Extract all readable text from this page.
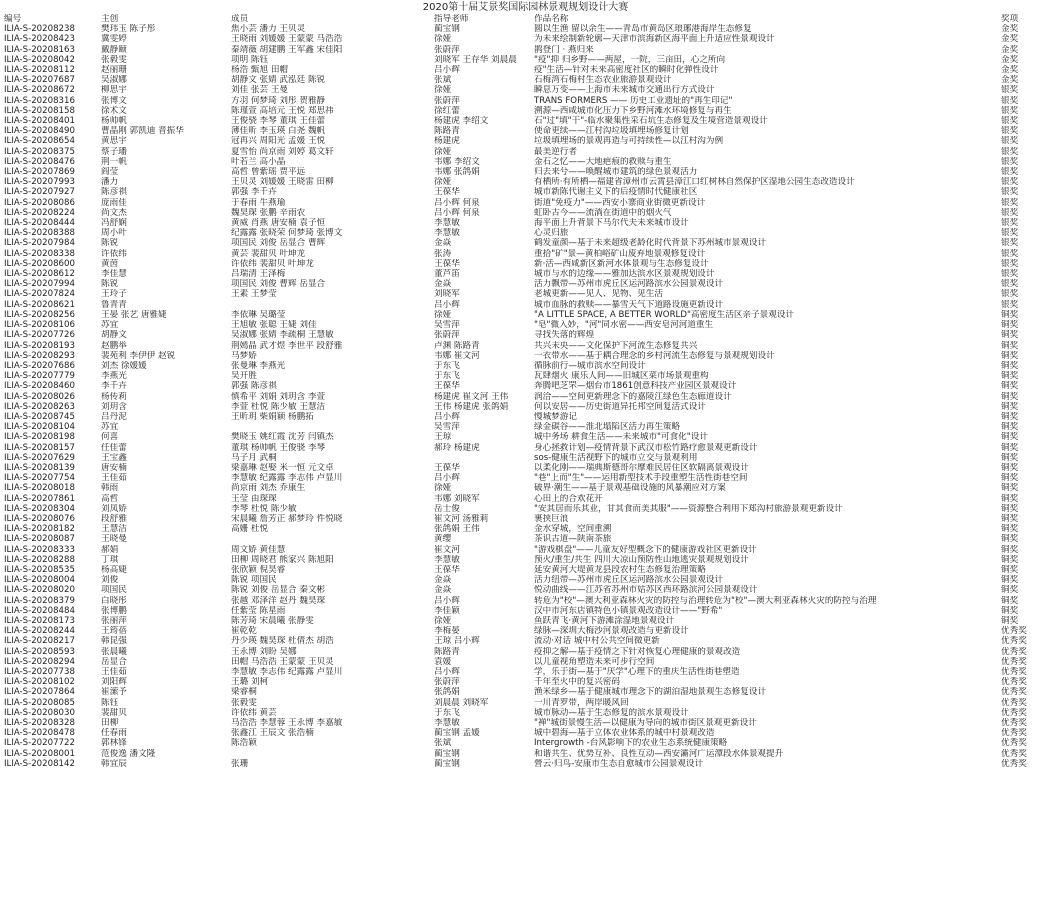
2020第十届艾景奖国际园林景观规划设计大赛
编号	主创	成员	指导老师	作品名称	奖项
ILIA-S-20208238	樊玮玉 陈子彤	焦小芸 潘力 王贝灵	蔺宝钢	圆以生渔 留以余生——青岛市黄岛区琅琊港海岸生态修复	金奖
ILIA-S-20208423	冀雯婷	王晓雨 刘媛媛 王蒙蒙 马浩浩	徐娅	为未来绘制新轮廓—天津市滨海新区海平面上升适应性景观设计	金奖
ILIA-S-20208163	戴静颐	秦靖薇 胡建鹏 王军鑫 宋佳阳	张蔚萍	鹊登门 · 燕归来	金奖
ILIA-S-20208042	张毅雯	项明 陈钰	刘晓军 王存华 刘晨晨	"疫"抑 归乡野——两屋，一院，三亩田，心之所向	金奖
ILIA-S-20208112	赵丽珊	杨浩 甄旭 田帽	吕小辉	疫"生活—针对未来高密度社区的瞬时化弹性设计	金奖
ILIA-S-20207687	吴淑娜	胡静文 张婧 武泓廷 陈锐	张斌	石梅湾石梅村生态农业旅游景观设计	金奖
ILIA-S-20208672	柳思宇	刘佳 张芸 王曼	徐娅	瞬息万变——上海市未来城市交通出行方式设计	银奖
ILIA-S-20208316	张博文	方羽 何梦琦 刘彤 贺雅静	张蔚萍	TRANS FORMERS —— 历史工业遗址的"再生印记"	银奖
ILIA-S-20208158	徐术文	陈瑾萱 高培元 王悦 郑思祎	徐红蕾	溯源—西咸城市化压力下乡野河滩水环境修复与再生	银奖
ILIA-S-20208401	杨帅帆	王俊骁 李琴 董琪 王佳蕾	杨建虎 李绍文	石"过"填"干"-临水聚集性采石坑生态修复及生境营造景观设计	银奖
ILIA-S-20208490	曹晶刚 郭凯迪 晋振华	薄佳昕 李玉瑛 白尧 魏帆	陈路青	使命更续——江村沟垃圾填埋场修复计划	银奖
ILIA-S-20208654	黄思宇	冠再兴 周阳光 孟媛 王悦	杨建虎	垃圾填埋场的景观再造与可持续性—以江村沟为例	银奖
ILIA-S-20208375	蔡子璠	夏雪怡 尚京雨 刘婷 葛文轩	徐娅	最美逆行者	银奖
ILIA-S-20208476	荆一帆	叶若兰 高小晶	韦娜 李绍文	金石之忆——大地疤痕的救赎与重生	银奖
ILIA-S-20207869	阎莹	高哲 曾紫瑶 贾平远	韦娜 张鸽娟	归去来兮——唤醒城市建筑的绿色景观活力	银奖
ILIA-S-20207993	潘力	王贝灵 刘媛媛 王晓雷 田柳	徐娅	有栖所·有所栖—福建省漳州市云霄县漳江口红树林自然保护区湿地公园生态改造设计	银奖
ILIA-S-20207927	陈彦祺	郭强 李千卉	王葆华	城市新陈代谢主义下的后疫情时代健康社区	银奖
ILIA-S-20208086	庞雨佳	于春雨 牛燕瑜	吕小辉 何泉	街道"免疫力"——西安小寨商业街微更新设计	银奖
ILIA-S-20208224	尚文杰	魏昊琛 张鹏 辛雨农	吕小辉 何泉	虹卧古今——流淌在街道中的烟火气	银奖
ILIA-S-20208444	冯舒娴	黄威 肖燕 唐安楠 袁子恒	李慧敏	海平面上升背景下马尔代夫未来城市设计	银奖
ILIA-S-20208388	周小叶	纪露露 张晓荣 何梦琦 张博文	李慧敏	心灵归旅	银奖
ILIA-S-20207984	陈锐	项国民 刘俊 岳显合 曹辉	金焱	鹤发童颜—基于未来超级老龄化时代背景下苏州城市景观设计	银奖
ILIA-S-20208338	许依纬	黄芸 裴甜贝 叶坤龙	张涛	重拾"矿"景—黄柏峪矿山废弃地景观修复设计	银奖
ILIA-S-20208600	黄茵	许依纬 裴甜贝 叶坤龙	王葆华	新·活—西咸新区新河水体景观与生态修复设计	银奖
ILIA-S-20208612	李佳慧	吕瑞清 王泽梅	董芦笛	城市与水的边缘——雅加达滨水区景观规划设计	银奖
ILIA-S-20207994	陈锐	项国民 刘俊 曹辉 岳显合	金焱	活力飘带—苏州市虎丘区运河路滨水公园景观设计	银奖
ILIA-S-20207824	王玲子	王素 王梦莹	刘晓军	老城更新——见人、见物、见生活	银奖
ILIA-S-20208621	鲁青青		吕小辉	城市血脉的救赎——暴雪天气下道路设施更新设计	银奖
ILIA-S-20208256	王晏 张艺 唐雅婕	李依琳 吴璐莹	徐娅	"A LITTLE SPACE, A BETTER WORLD"高密度生活区亲子景观设计	铜奖
ILIA-S-20208106	苏宜	王旭敏 张聪 王婕 刘佳	吴雪萍	"皂"微入妙，"河"同水密——西安皂河河道重生	铜奖
ILIA-S-20207726	胡静文	吴淑娜 张婧 李疏桐 王慧敏	张蔚萍	寻找失落的辉煌	铜奖
ILIA-S-20208193	赵鹏举	荆嫣晶 武才煜 李世平 段舒雅	卢渊 陈路青	共兴未央——文化保护下河流生态修复共兴	铜奖
ILIA-S-20208293	裴苑利 李伊伊 赵锐	马梦娇	韦娜 崔文河	一衣带水——基于耦合理念的乡村河流生态修复与景观规划设计	铜奖
ILIA-S-20207686	刘杰 徐媛媛	张曼琳 李燕光	于东飞	循脉前行—城市滨水空间设计	铜奖
ILIA-S-20207779	李燕光	吴开胜	于东飞	瓦肆烟火 康乐人间——旧城区菜市场景观重构	铜奖
ILIA-S-20208460	李千卉	郭强 陈彦祺	王葆华	奔腾吧芝罘—烟台市1861创意科技产业园区景观设计	铜奖
ILIA-S-20208026	杨传莉	慎希平 刘娟 刘玥含 李萱	杨建虎 崔文河 王伟	润洽——空间更新理念下的嘉陵江绿色生态廊道设计	铜奖
ILIA-S-20208263	刘玥含	李萱 杜悦 陈少敏 王慧洁	王伟 杨建虎 张鸽娟	何以安居——历史街道异托邦空间复活式设计	铜奖
ILIA-S-20208745	吕丹泥	王昕玥 柴娟颖 杨鹏拓	吕小辉	慢城梦游记	铜奖
ILIA-S-20208104	苏宜		吴雪萍	绿金碳谷——淮北塌陷区活力再生策略	铜奖
ILIA-S-20208198	何喜	樊晓玉 姚红霞 沈芳 闫镇杰	王琼	城中务场 耕食生活——未来城市"可食化"设计	铜奖
ILIA-S-20208157	任佳蕾	董琪 杨帅帆 王俊骁 李琴	郝玲 杨建虎	身心拯救计划—疫情背景下武汉市松竹路疗愈景观更新设计	铜奖
ILIA-S-20207629	王宝鑫	马子月 武桐		sos-健康生活视野下的城市立交与景观利用	铜奖
ILIA-S-20208139	唐安楠	梁嘉琳 赵娶 米一恒 元文卓	王葆华	以柔化刚——瑞典斯德哥尔摩难民居住区软隔离景观设计	铜奖
ILIA-S-20207754	王佳茹	李慧敏 纪露露 李志伟 卢显川	吕小辉	"巷"上而"生"——运用新型技术手段重塑生活性街巷空间	铜奖
ILIA-S-20208018	韩雨	尚京雨 刘杰 乔康生	徐娅	破界·潮生——基于景观基础设施的风暴潮应对方案	铜奖
ILIA-S-20207861	高哲	王莹 由琛琛	韦娜 刘晓军	心田上的合欢花开	铜奖
ILIA-S-20208304	刘凤娇	李琴 杜悦 陈少敏	岳士俊	"安其居而乐其业，甘其食而美其服"——资源整合利用下郑沟村旅游景观更新设计	铜奖
ILIA-S-20208076	段舒雅	宋晨曦 詹芳正 郝梦玲 件悦晓	崔文河 汤雅莉	裹挟巨浪	铜奖
ILIA-S-20208182	王慧洁	高姗 杜悦	张鸽娟 王伟	金水穿城，空间重溯	铜奖
ILIA-S-20208087	王晓曼		黄缨	茶识古道—陕南茶旅	铜奖
ILIA-S-20208333	郝娟	周文娇 黄佳慧	崔文河	"游戏棋盘"——儿童友好型概念下的健康游戏社区更新设计	铜奖
ILIA-S-20208288	丁琪	田柳 周晓君 熊家兴 陈旭阳	李慧敏	预火/重生/共生 四川大凉山预防性山地逃灾景观规划设计	铜奖
ILIA-S-20208535	杨高婕	张欣颖 倪昊睿	王葆华	延安黄河大堤黄龙县段农村生态修复治理策略	铜奖
ILIA-S-20208004	刘俊	陈锐 项国民	金焱	活力纽带—苏州市虎丘区运河路滨水公园景观设计	铜奖
ILIA-S-20208020	项国民	陈锐 刘俊 岳显合 秦文彬	金焱	悦动曲线——江苏省苏州市姑苏区西环路滨河公园景观设计	铜奖
ILIA-S-20208379	白晓彤	张越 邓泽洋 赵丹 魏昊琛	吕小辉	转危为"校"—澳大利亚森林火灾的防控与治理转危为"校"—澳大利亚森林火灾的防控与治理	铜奖
ILIA-S-20208484	张博鹏	任紫莹 陈星雨	李佳颖	汉中市河东店镇特色小镇景观改造设计——"野希"	铜奖
ILIA-S-20208173	张丽萍	陈芳琦 宋晨曦 张静雯	徐娅	鱼跃青飞·黄河下游滩涂湿地景观设计	铜奖
ILIA-S-20208244	王筠蓓	崔乾乾	李梅晏	绿脉—深圳大梅沙河景观改造与更新设计	优秀奖
ILIA-S-20208217	韩昆强	丹少瑛 魏昊琛 杜倩杰 胡浩	王琼 吕小辉	流动·对话 城中村公共空间微更新	优秀奖
ILIA-S-20208593	张晨曦	王永博 刘盼 吴娜	陈路青	疫抑之解—基于疫情之下针对恢复心理健康的景观改造	优秀奖
ILIA-S-20208294	岳显合	田帽 马浩浩 王蒙蒙 王贝灵	袁媛	以儿童视角塑造未来可步行空间	优秀奖
ILIA-S-20207738	王佳茹	李慧敏 李志伟 纪露露 卢显川	吕小辉	学，乐于街—基于"厌学"心理下的重庆生活性街巷塑造	优秀奖
ILIA-S-20208102	刘阳辉	王璐 刘柯	张蔚萍	千年至火中的复兴密码	优秀奖
ILIA-S-20207864	崔潆予	梁睿桐	张鸽娟	渔米绿乡—基于健康城市理念下的湖泊湿地景观生态修复设计	优秀奖
ILIA-S-20208085	陈钰	张毅雯	刘晨晨 刘晓军	一川青罗带，两岸暖风回	优秀奖
ILIA-S-20208030	裴甜贝	许依纬 黄芸	于东飞	城市脉动—基于生态修复的滨水景观设计	优秀奖
ILIA-S-20208328	田柳	马浩浩 李慧蓉 王永博 李嘉敏	李慧敏	"禅"城街景慢生活—以健康为导向的城市街区景观更新设计	优秀奖
ILIA-S-20208478	任春雨	张鑫江 王辰文 张浩楠	蔺宝钢 孟媛	城中碧海—基于立体农业体系的城中村景观改造	优秀奖
ILIA-S-20207722	郭林锋	陈浩颖	张斌	Intergrowth -台风影响下的农业生态系统健康策略	优秀奖
ILIA-S-20208001	范俊逸 潘文隆		蔺宝钢	和谐共生、优势互补、良性互动—西安灞河广运潭段水体景观提升	优秀奖
ILIA-S-20208142	韩宜辰	张珊	蔺宝钢	營云·归鸟-安康市生态自愈城市公园景观设计	优秀奖
